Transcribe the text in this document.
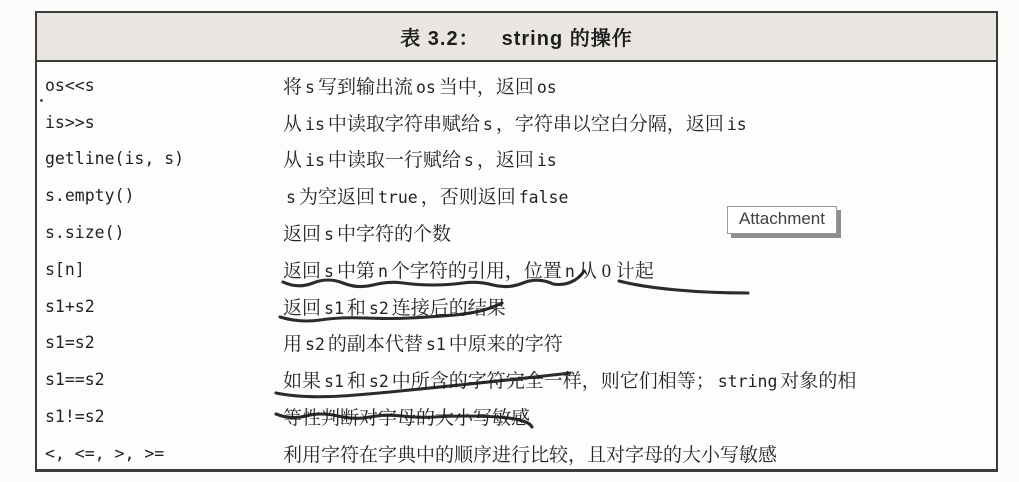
表 3.2： string 的操作
os<<s	将 s 写到输出流 os 当中，返回 os
is>>s	从 is 中读取字符串赋给 s ，字符串以空白分隔，返回 is
getline(is, s)	从 is 中读取一行赋给 s ，返回 is
s.empty()	s 为空返回 true ，否则返回 false
s.size()	返回 s 中字符的个数
s[n]	返回 s 中第 n 个字符的引用，位置 n 从 0 计起
s1+s2	返回 s1 和 s2 连接后的结果
s1=s2	用 s2 的副本代替 s1 中原来的字符
s1==s2	如果 s1 和 s2 中所含的字符完全一样，则它们相等； string 对象的相
s1!=s2	等性判断对字母的大小写敏感
<, <=, >, >=	利用字符在字典中的顺序进行比较，且对字母的大小写敏感
Attachment
